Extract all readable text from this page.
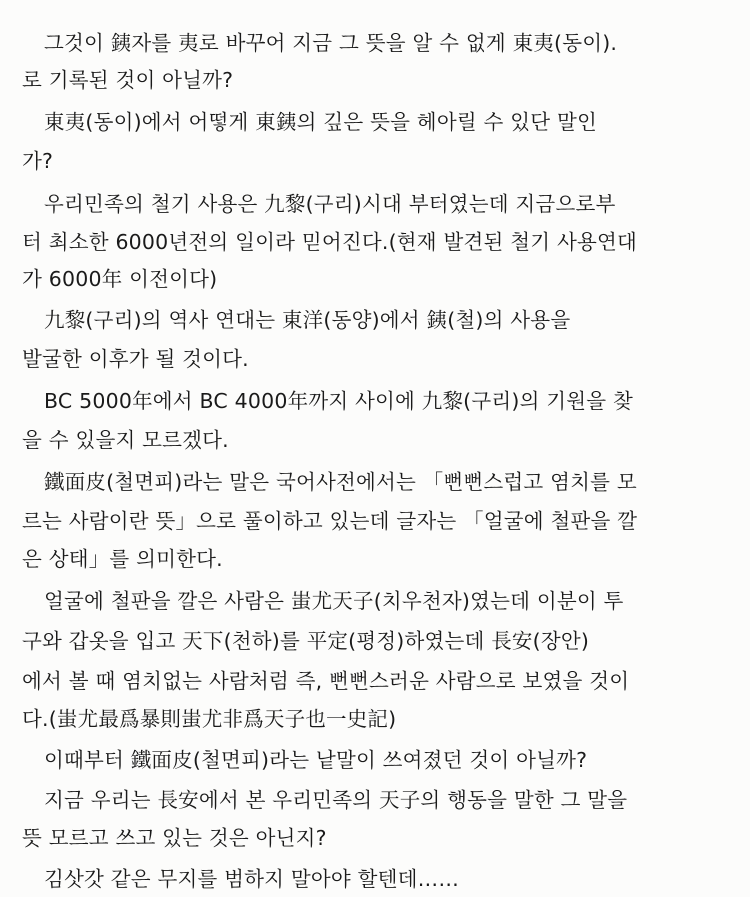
그것이 銕자를 夷로 바꾸어 지금 그 뜻을 알 수 없게 東夷(동이).
로 기록된 것이 아닐까?
東夷(동이)에서 어떻게 東銕의 깊은 뜻을 헤아릴 수 있단 말인
가?
우리민족의 철기 사용은 九黎(구리)시대 부터였는데 지금으로부
터 최소한 6000년전의 일이라 믿어진다.(현재 발견된 철기 사용연대
가 6000年 이전이다)
九黎(구리)의 역사 연대는 東洋(동양)에서 銕(철)의 사용을
발굴한 이후가 될 것이다.
BC 5000年에서 BC 4000年까지 사이에 九黎(구리)의 기원을 찾
을 수 있을지 모르겠다.
鐵面皮(철면피)라는 말은 국어사전에서는 「뻔뻔스럽고 염치를 모
르는 사람이란 뜻」으로 풀이하고 있는데 글자는 「얼굴에 철판을 깔
은 상태」를 의미한다.
얼굴에 철판을 깔은 사람은 蚩尤天子(치우천자)였는데 이분이 투
구와 갑옷을 입고 天下(천하)를 平定(평정)하였는데 長安(장안)
에서 볼 때 염치없는 사람처럼 즉, 뻔뻔스러운 사람으로 보였을 것이
다.(蚩尤最爲暴則蚩尤非爲天子也一史記)
이때부터 鐵面皮(철면피)라는 낱말이 쓰여졌던 것이 아닐까?
지금 우리는 長安에서 본 우리민족의 天子의 행동을 말한 그 말을
뜻 모르고 쓰고 있는 것은 아닌지?
김삿갓 같은 무지를 범하지 말아야 할텐데……
